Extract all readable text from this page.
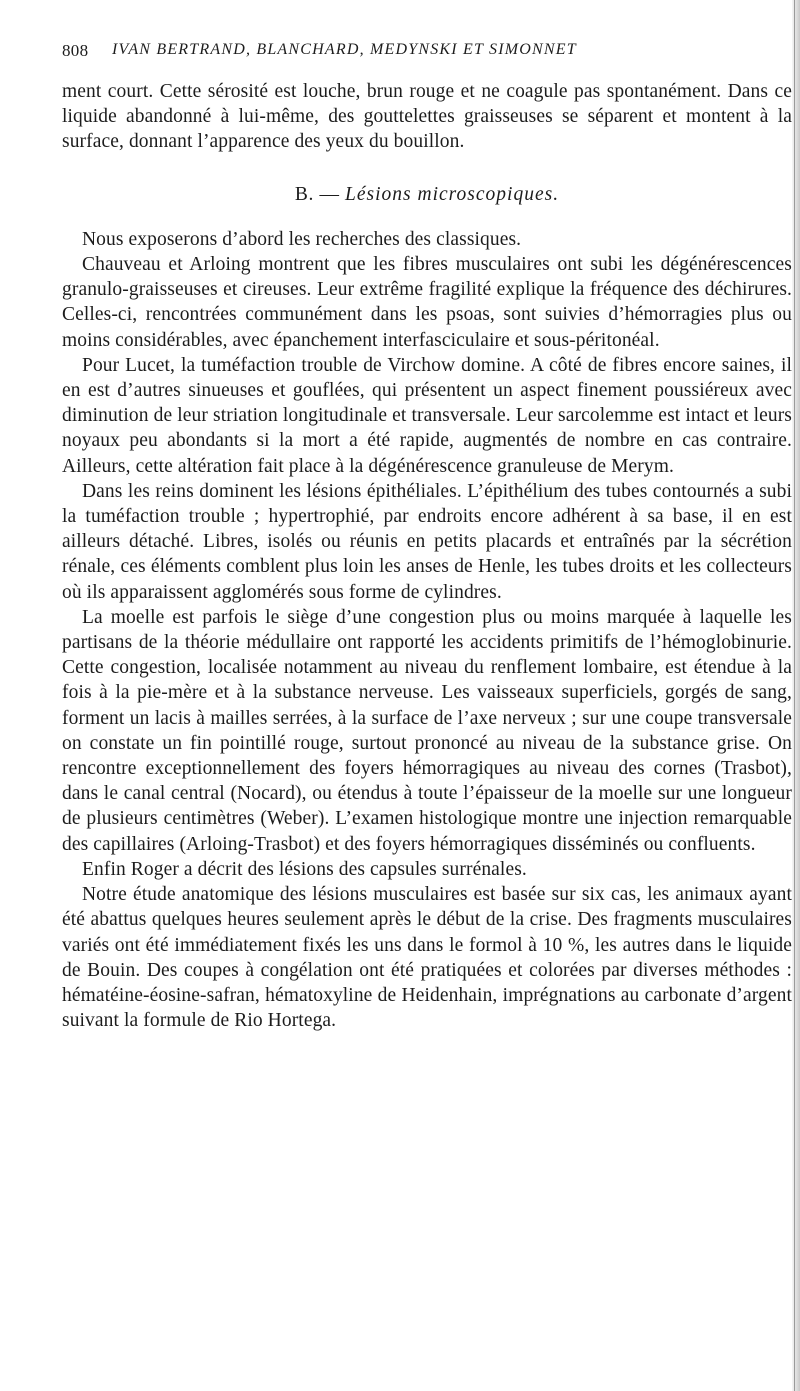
808 IVAN BERTRAND, BLANCHARD, MEDYNSKI ET SIMONNET

ment court. Cette sérosité est louche, brun rouge et ne coagule pas spontanément. Dans ce liquide abandonné à lui-même, des gouttelettes graisseuses se séparent et montent à la surface, donnant l’apparence des yeux du bouillon.

B. — Lésions microscopiques.

Nous exposerons d’abord les recherches des classiques.

Chauveau et Arloing montrent que les fibres musculaires ont subi les dégénérescences granulo-graisseuses et cireuses. Leur extrême fragilité explique la fréquence des déchirures. Celles-ci, rencontrées communément dans les psoas, sont suivies d’hémorragies plus ou moins considérables, avec épanchement interfasciculaire et sous-péritonéal.

Pour Lucet, la tuméfaction trouble de Virchow domine. A côté de fibres encore saines, il en est d’autres sinueuses et gouflées, qui présentent un aspect finement poussiéreux avec diminution de leur striation longitudinale et transversale. Leur sarcolemme est intact et leurs noyaux peu abondants si la mort a été rapide, augmentés de nombre en cas contraire. Ailleurs, cette altération fait place à la dégénérescence granuleuse de Merym.

Dans les reins dominent les lésions épithéliales. L’épithélium des tubes contournés a subi la tuméfaction trouble ; hypertrophié, par endroits encore adhérent à sa base, il en est ailleurs détaché. Libres, isolés ou réunis en petits placards et entraînés par la sécrétion rénale, ces éléments comblent plus loin les anses de Henle, les tubes droits et les collecteurs où ils apparaissent agglomérés sous forme de cylindres.

La moelle est parfois le siège d’une congestion plus ou moins marquée à laquelle les partisans de la théorie médullaire ont rapporté les accidents primitifs de l’hémoglobinurie. Cette congestion, localisée notamment au niveau du renflement lombaire, est étendue à la fois à la pie-mère et à la substance nerveuse. Les vaisseaux superficiels, gorgés de sang, forment un lacis à mailles serrées, à la surface de l’axe nerveux ; sur une coupe transversale on constate un fin pointillé rouge, surtout prononcé au niveau de la substance grise. On rencontre exceptionnellement des foyers hémorragiques au niveau des cornes (Trasbot), dans le canal central (Nocard), ou étendus à toute l’épaisseur de la moelle sur une longueur de plusieurs centimètres (Weber). L’examen histologique montre une injection remarquable des capillaires (Arloing-Trasbot) et des foyers hémorragiques disséminés ou confluents.

Enfin Roger a décrit des lésions des capsules surrénales.

Notre étude anatomique des lésions musculaires est basée sur six cas, les animaux ayant été abattus quelques heures seulement après le début de la crise. Des fragments musculaires variés ont été immédiatement fixés les uns dans le formol à 10 %, les autres dans le liquide de Bouin. Des coupes à congélation ont été pratiquées et colorées par diverses méthodes : hématéine-éosine-safran, hématoxyline de Heidenhain, imprégnations au carbonate d’argent suivant la formule de Rio Hortega.
